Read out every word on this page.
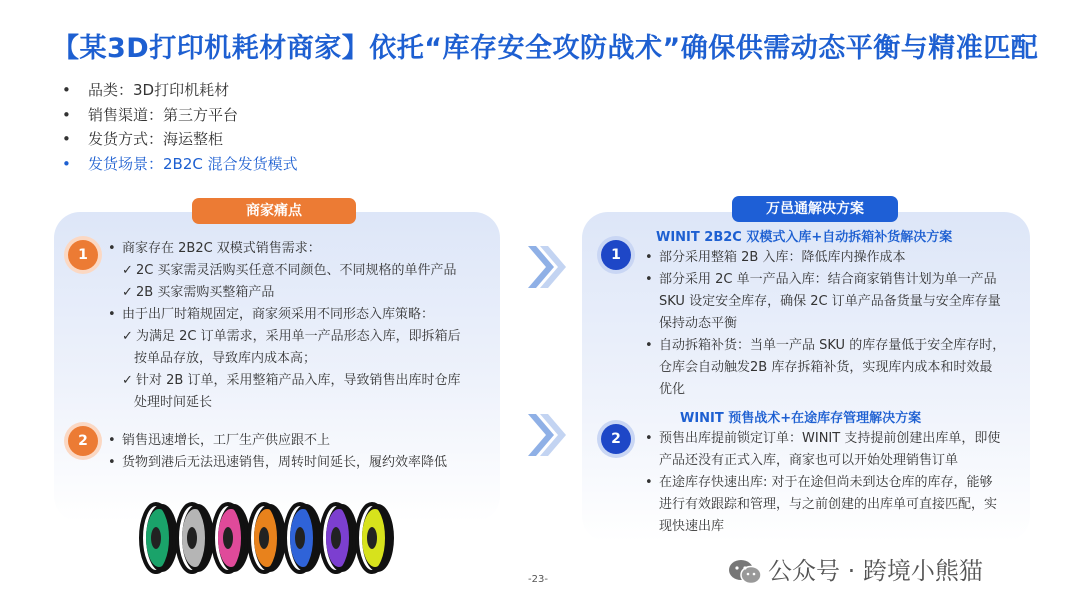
【某3D打印机耗材商家】依托“库存安全攻防战术”确保供需动态平衡与精准匹配
• 品类：3D打印机耗材
• 销售渠道：第三方平台
• 发货方式：海运整柜
• 发货场景：2B2C 混合发货模式
商家痛点
1	• 商家存在 2B2C 双模式销售需求：
✓ 2C 买家需灵活购买任意不同颜色、不同规格的单件产品
✓ 2B 买家需购买整箱产品
• 由于出厂时箱规固定，商家须采用不同形态入库策略：
✓ 为满足 2C 订单需求，采用单一产品形态入库，即拆箱后
按单品存放，导致库内成本高；
✓ 针对 2B 订单，采用整箱产品入库，导致销售出库时仓库
处理时间延长
2	• 销售迅速增长，工厂生产供应跟不上
• 货物到港后无法迅速销售，周转时间延长，履约效率降低
万邑通解决方案
WINIT 2B2C 双模式入库+自动拆箱补货解决方案
1	• 部分采用整箱 2B 入库：降低库内操作成本
• 部分采用 2C 单一产品入库：结合商家销售计划为单一产品
SKU 设定安全库存，确保 2C 订单产品备货量与安全库存量
保持动态平衡
• 自动拆箱补货：当单一产品 SKU 的库存量低于安全库存时，
仓库会自动触发2B 库存拆箱补货，实现库内成本和时效最
优化
WINIT 预售战术+在途库存管理解决方案
2	• 预售出库提前锁定订单：WINIT 支持提前创建出库单，即使
产品还没有正式入库，商家也可以开始处理销售订单
• 在途库存快速出库: 对于在途但尚未到达仓库的库存，能够
进行有效跟踪和管理，与之前创建的出库单可直接匹配，实
现快速出库
-23-	公众号 · 跨境小熊猫
